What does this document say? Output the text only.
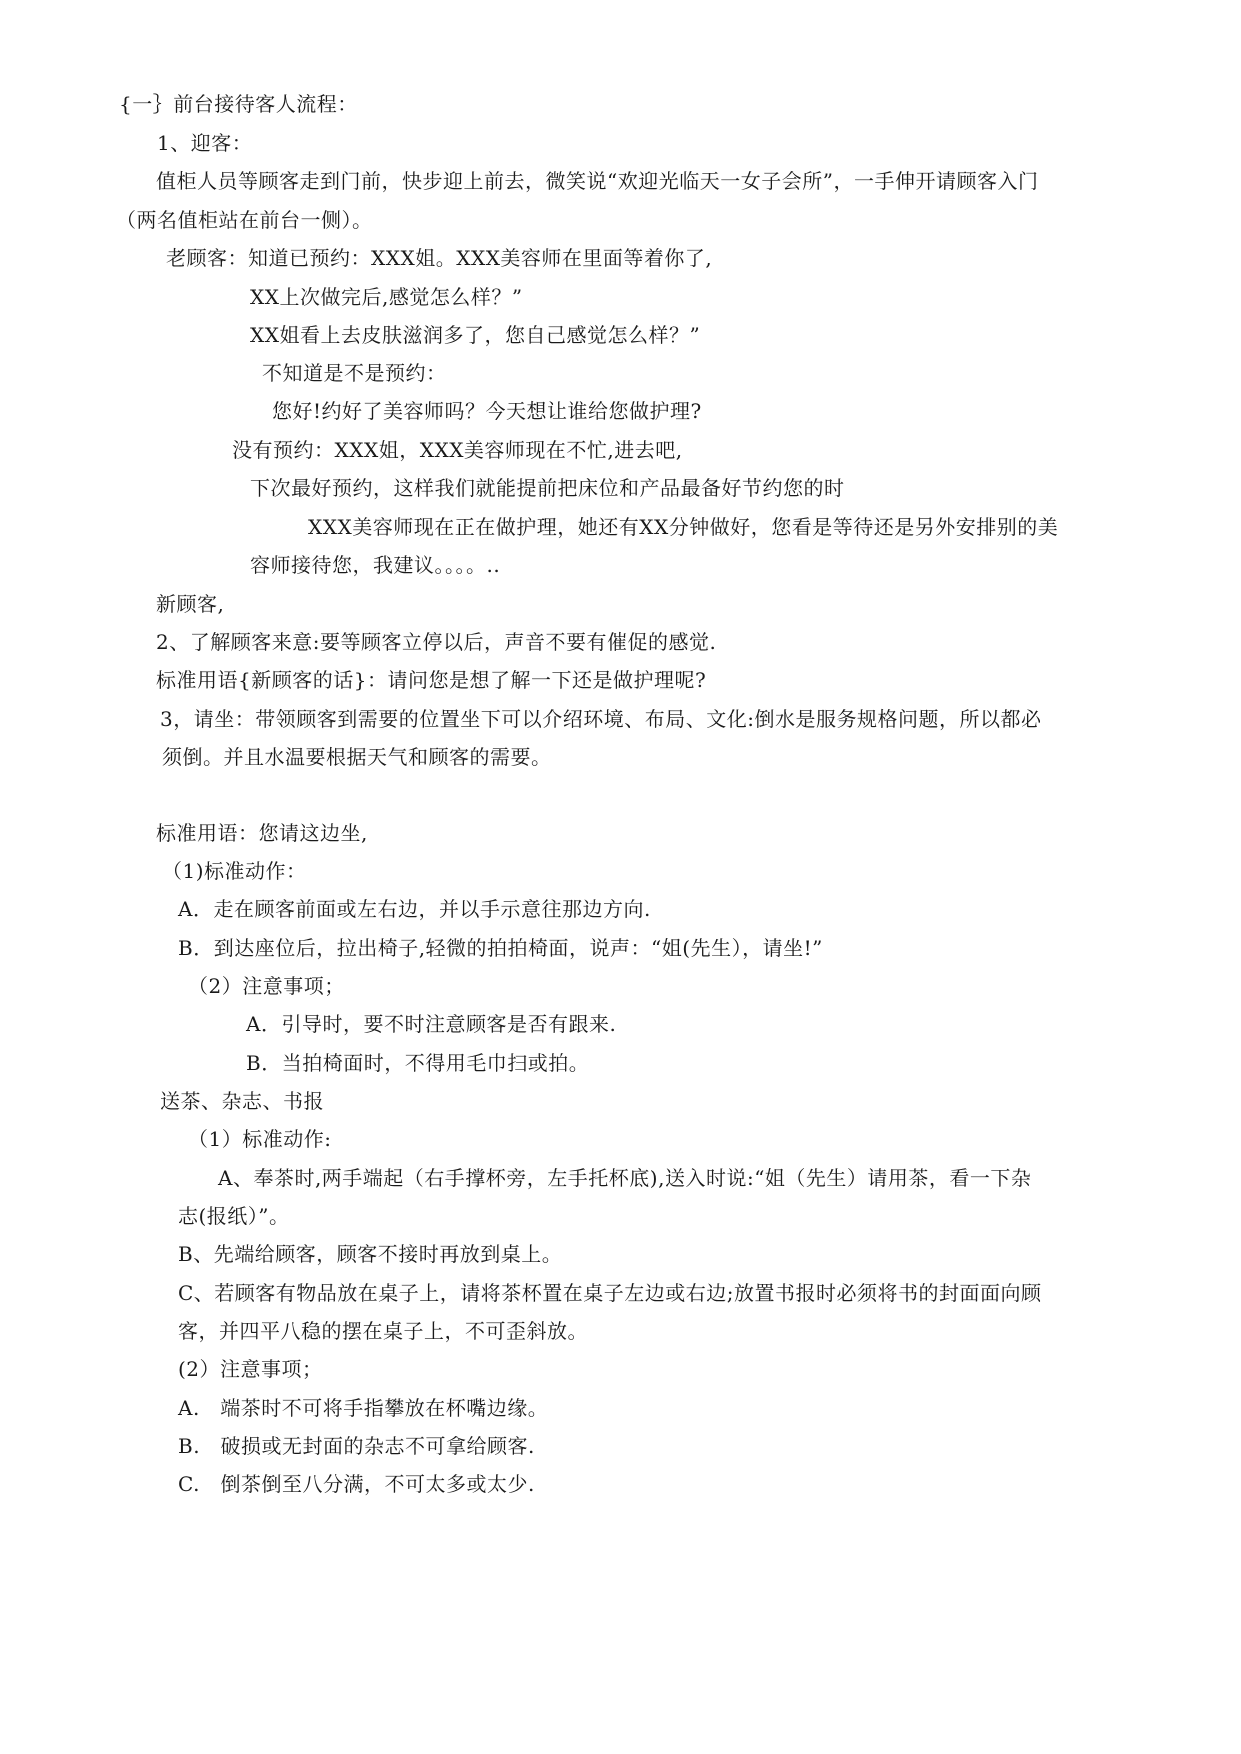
{一｝前台接待客人流程：
1、迎客：
值柜人员等顾客走到门前，快步迎上前去，微笑说“欢迎光临天一女子会所”，一手伸开请顾客入门
（两名值柜站在前台一侧）。
老顾客：知道已预约：XXX姐。XXX美容师在里面等着你了,
XX上次做完后,感觉怎么样？”
XX姐看上去皮肤滋润多了，您自己感觉怎么样？”
不知道是不是预约：
您好!约好了美容师吗？今天想让谁给您做护理?
没有预约：XXX姐，XXX美容师现在不忙,进去吧,
下次最好预约，这样我们就能提前把床位和产品最备好节约您的时
XXX美容师现在正在做护理，她还有XX分钟做好，您看是等待还是另外安排别的美
容师接待您，我建议。。。。..
新顾客,
2、了解顾客来意:要等顾客立停以后，声音不要有催促的感觉.
标准用语{新顾客的话}：请问您是想了解一下还是做护理呢?
3，请坐：带领顾客到需要的位置坐下可以介绍环境、布局、文化:倒水是服务规格问题，所以都必
须倒。并且水温要根据天气和顾客的需要。
标准用语：您请这边坐,
（1)标准动作：
A．走在顾客前面或左右边，并以手示意往那边方向.
B．到达座位后，拉出椅子,轻微的拍拍椅面，说声：“姐(先生），请坐!”
（2）注意事项；
A．引导时，要不时注意顾客是否有跟来.
B．当拍椅面时，不得用毛巾扫或拍。
送茶、杂志、书报
（1）标准动作:
A、奉茶时,两手端起（右手撑杯旁，左手托杯底),送入时说:“姐（先生）请用茶，看一下杂
志(报纸）”。
B、先端给顾客，顾客不接时再放到桌上。
C、若顾客有物品放在桌子上，请将茶杯置在桌子左边或右边;放置书报时必须将书的封面面向顾
客，并四平八稳的摆在桌子上，不可歪斜放。
(2）注意事项；
A.　端茶时不可将手指攀放在杯嘴边缘。
B.　破损或无封面的杂志不可拿给顾客.
C.　倒茶倒至八分满，不可太多或太少.
